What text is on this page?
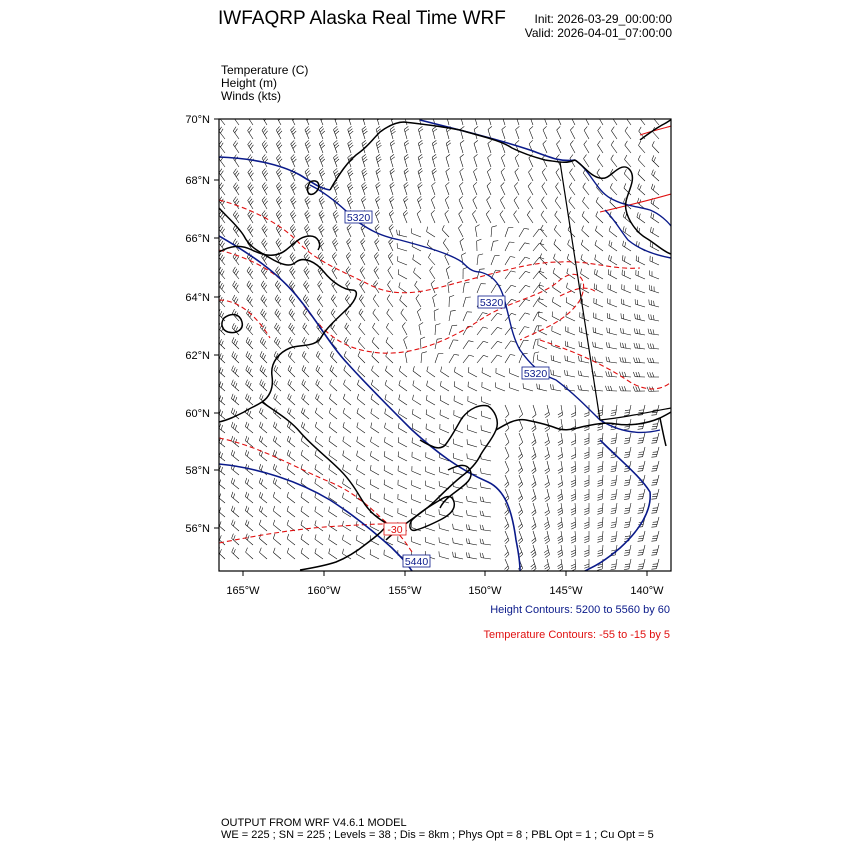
IWFAQRP Alaska Real Time WRF Init: 2026-03-29_00:00:00
Valid: 2026-04-01_07:00:00
Temperature (C)
Height (m)
Winds (kts)
70°N
68°N
66°N
64°N
62°N
60°N
58°N
56°N
165°W	160°W	155°W	150°W	145°W	140°W
5320
5320
5320
5440
-30
Height Contours: 5200 to 5560 by 60
Temperature Contours: -55 to -15 by 5
OUTPUT FROM WRF V4.6.1 MODEL
WE = 225 ; SN = 225 ; Levels = 38 ; Dis = 8km ; Phys Opt = 8 ; PBL Opt = 1 ; Cu Opt = 5
